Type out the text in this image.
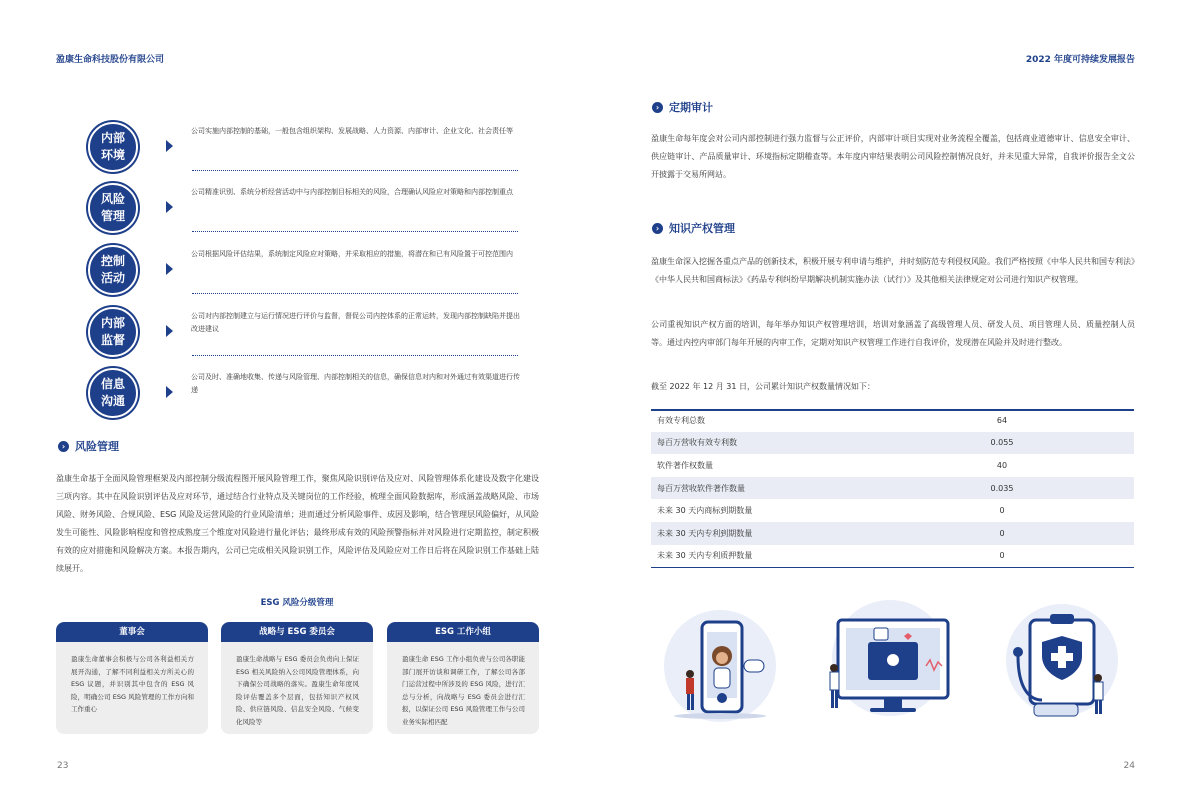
盈康生命科技股份有限公司
内部
环境
公司实施内部控制的基础，一般包含组织架构、发展战略、人力资源、内部审计、企业文化、社会责任等
风险
管理
公司精准识别、系统分析经营活动中与内部控制目标相关的风险，合理确认风险应对策略和内部控制重点
控制
活动
公司根据风险评估结果，系统制定风险应对策略，并采取相应的措施，将潜在和已有风险置于可控范围内
内部
监督
公司对内部控制建立与运行情况进行评价与监督，督促公司内控体系的正常运转，发现内部控制缺陷并提出改进建议
信息
沟通
公司及时、准确地收集、传递与风险管理、内部控制相关的信息，确保信息对内和对外通过有效渠道进行传递
› 风险管理
盈康生命基于全面风险管理框架及内部控制分级流程图开展风险管理工作，聚焦风险识别评估及应对、风险管理体系化建设及数字化建设三项内容。其中在风险识别评估及应对环节，通过结合行业特点及关键岗位的工作经验，梳理全面风险数据库，形成涵盖战略风险、市场风险、财务风险、合规风险、ESG 风险及运营风险的行业风险清单；进而通过分析风险事件、成因及影响，结合管理层风险偏好，从风险发生可能性、风险影响程度和管控成熟度三个维度对风险进行量化评估；最终形成有效的风险预警指标并对风险进行定期监控，制定积极有效的应对措施和风险解决方案。本报告期内，公司已完成相关风险识别工作，风险评估及风险应对工作日后将在风险识别工作基础上陆续展开。
ESG 风险分级管理
董事会
盈康生命董事会积极与公司各利益相关方展开沟通，了解不同利益相关方所关心的 ESG 议题，并识别其中包含的 ESG 风险，明确公司 ESG 风险管理的工作方向和工作重心
战略与 ESG 委员会
盈康生命战略与 ESG 委员会负责向上保证 ESG 相关风险纳入公司风险管理体系，向下确保公司战略的落实。盈康生命年度风险评估覆盖多个层面，包括知识产权风险、供应链风险、信息安全风险、气候变化风险等
ESG 工作小组
盈康生命 ESG 工作小组负责与公司各职能部门展开访谈和调研工作，了解公司各部门运营过程中所涉及的 ESG 风险，进行汇总与分析，向战略与 ESG 委员会进行汇报，以保证公司 ESG 风险管理工作与公司业务实际相匹配
23
2022 年度可持续发展报告
› 定期审计
盈康生命每年度会对公司内部控制进行强力监督与公正评价，内部审计项目实现对业务流程全覆盖，包括商业道德审计、信息安全审计、供应链审计、产品质量审计、环境指标定期稽查等。本年度内审结果表明公司风险控制情况良好，并未见重大异常，自我评价报告全文公开披露于交易所网站。
› 知识产权管理
盈康生命深入挖掘各重点产品的创新技术，积极开展专利申请与维护，并时刻防范专利侵权风险。我们严格按照《中华人民共和国专利法》《中华人民共和国商标法》《药品专利纠纷早期解决机制实施办法（试行）》及其他相关法律规定对公司进行知识产权管理。
公司重视知识产权方面的培训，每年举办知识产权管理培训，培训对象涵盖了高级管理人员、研发人员、项目管理人员、质量控制人员等。通过内控内审部门每年开展的内审工作，定期对知识产权管理工作进行自我评价，发现潜在风险并及时进行整改。
截至 2022 年 12 月 31 日，公司累计知识产权数量情况如下：
有效专利总数	64
每百万营收有效专利数	0.055
软件著作权数量	40
每百万营收软件著作数量	0.035
未来 30 天内商标到期数量	0
未来 30 天内专利到期数量	0
未来 30 天内专利质押数量	0
24
